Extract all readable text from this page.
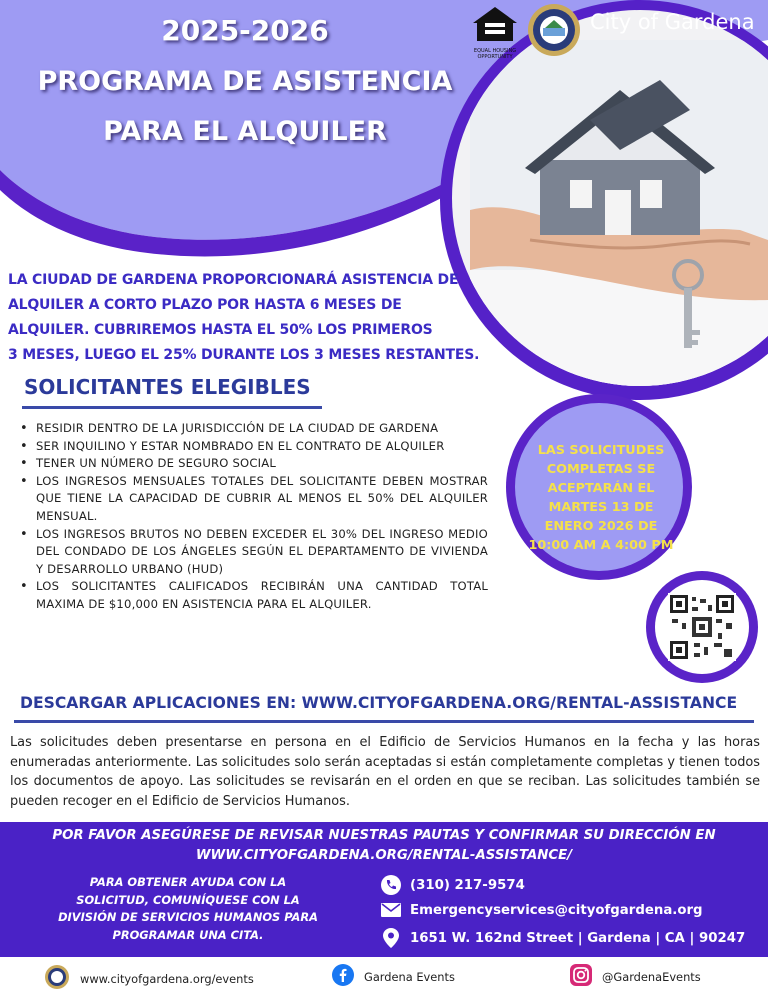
2025-2026
PROGRAMA DE ASISTENCIA
PARA EL ALQUILER
EQUAL HOUSING
OPPORTUNITY
City of Gardena
LA CIUDAD DE GARDENA PROPORCIONARÁ ASISTENCIA DE
ALQUILER A CORTO PLAZO POR HASTA 6 MESES DE
ALQUILER. CUBRIREMOS HASTA EL 50% LOS PRIMEROS
3 MESES, LUEGO EL 25% DURANTE LOS 3 MESES RESTANTES.
SOLICITANTES ELEGIBLES
• RESIDIR DENTRO DE LA JURISDICCIÓN DE LA CIUDAD DE GARDENA
• SER INQUILINO Y ESTAR NOMBRADO EN EL CONTRATO DE ALQUILER
• TENER UN NÚMERO DE SEGURO SOCIAL
• LOS INGRESOS MENSUALES TOTALES DEL SOLICITANTE DEBEN MOSTRAR QUE TIENE LA CAPACIDAD DE CUBRIR AL MENOS EL 50% DEL ALQUILER MENSUAL.
• LOS INGRESOS BRUTOS NO DEBEN EXCEDER EL 30% DEL INGRESO MEDIO DEL CONDADO DE LOS ÁNGELES SEGÚN EL DEPARTAMENTO DE VIVIENDA Y DESARROLLO URBANO (HUD)
• LOS SOLICITANTES CALIFICADOS RECIBIRÁN UNA CANTIDAD TOTAL MAXIMA DE $10,000 EN ASISTENCIA PARA EL ALQUILER.
LAS SOLICITUDES
COMPLETAS SE
ACEPTARÁN EL
MARTES 13 DE
ENERO 2026 DE
10:00 AM A 4:00 PM
DESCARGAR APLICACIONES EN: WWW.CITYOFGARDENA.ORG/RENTAL-ASSISTANCE
Las solicitudes deben presentarse en persona en el Edificio de Servicios Humanos en la fecha y las horas enumeradas anteriormente. Las solicitudes solo serán aceptadas si están completamente completas y tienen todos los documentos de apoyo. Las solicitudes se revisarán en el orden en que se reciban. Las solicitudes también se pueden recoger en el Edificio de Servicios Humanos.
POR FAVOR ASEGÚRESE DE REVISAR NUESTRAS PAUTAS Y CONFIRMAR SU DIRECCIÓN EN
WWW.CITYOFGARDENA.ORG/RENTAL-ASSISTANCE/
PARA OBTENER AYUDA CON LA
SOLICITUD, COMUNÍQUESE CON LA
DIVISIÓN DE SERVICIOS HUMANOS PARA
PROGRAMAR UNA CITA.
(310) 217-9574
Emergencyservices@cityofgardena.org
1651 W. 162nd Street | Gardena | CA | 90247
www.cityofgardena.org/events	Gardena Events	@GardenaEvents
